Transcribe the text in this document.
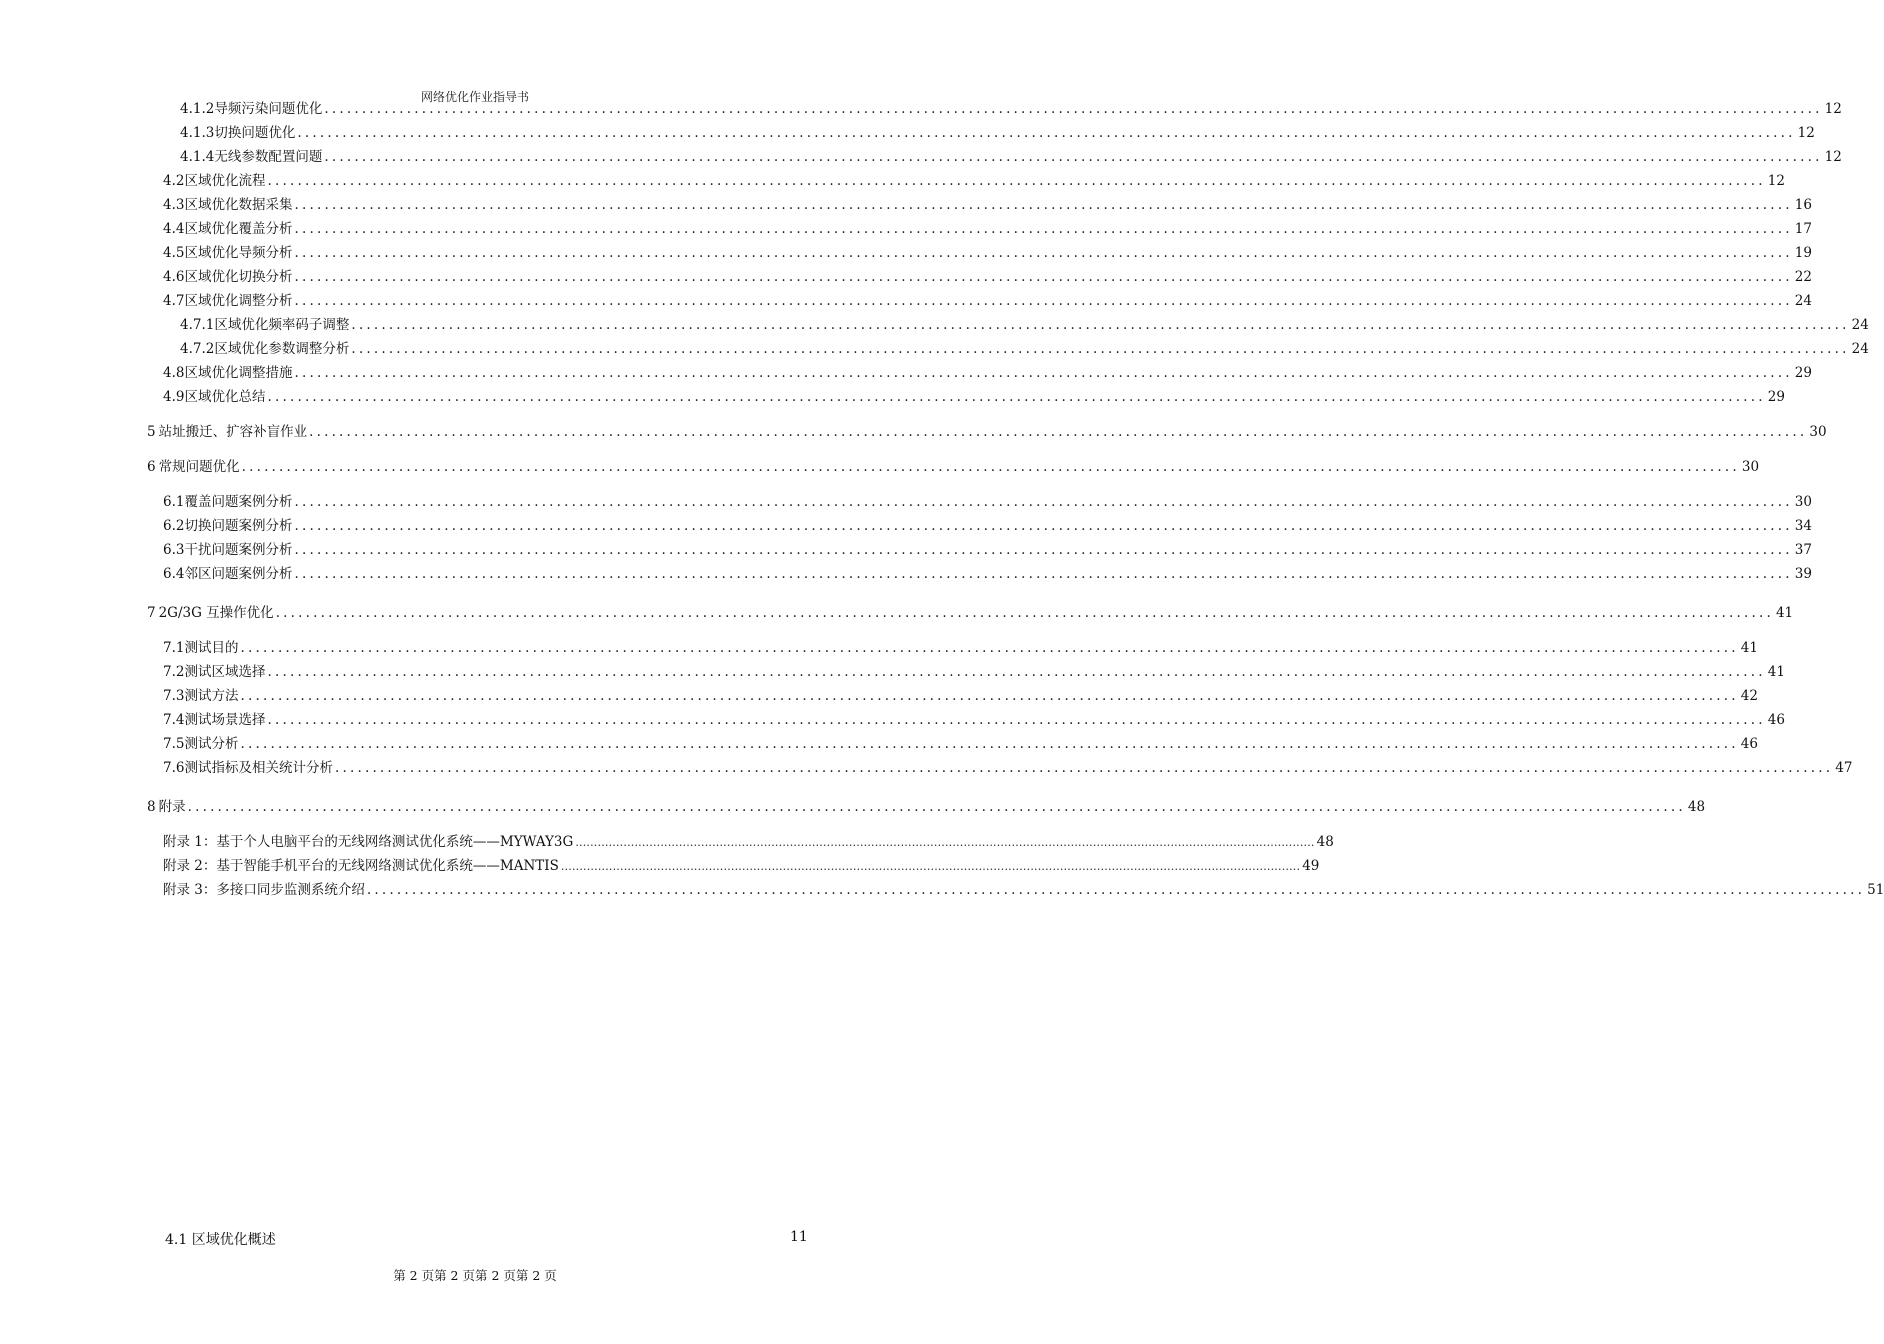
网络优化作业指导书
4.1.2 导频污染问题优化 ........................................................................................................................................................................................................ 12
4.1.3 切换问题优化 ........................................................................................................................................................................................................ 12
4.1.4 无线参数配置问题 ........................................................................................................................................................................................................ 12
4.2 区域优化流程 ........................................................................................................................................................................................................ 12
4.3 区域优化数据采集 ........................................................................................................................................................................................................ 16
4.4 区域优化覆盖分析 ........................................................................................................................................................................................................ 17
4.5 区域优化导频分析 ........................................................................................................................................................................................................ 19
4.6 区域优化切换分析 ........................................................................................................................................................................................................ 22
4.7 区域优化调整分析 ........................................................................................................................................................................................................ 24
4.7.1 区域优化频率码子调整 ........................................................................................................................................................................................................ 24
4.7.2 区域优化参数调整分析 ........................................................................................................................................................................................................ 24
4.8 区域优化调整措施 ........................................................................................................................................................................................................ 29
4.9 区域优化总结 ........................................................................................................................................................................................................ 29
5 站址搬迁、扩容补盲作业 ........................................................................................................................................................................................................ 30
6 常规问题优化 ........................................................................................................................................................................................................ 30
6.1 覆盖问题案例分析 ........................................................................................................................................................................................................ 30
6.2 切换问题案例分析 ........................................................................................................................................................................................................ 34
6.3 干扰问题案例分析 ........................................................................................................................................................................................................ 37
6.4 邻区问题案例分析 ........................................................................................................................................................................................................ 39
7 2G/3G 互操作优化 ........................................................................................................................................................................................................ 41
7.1 测试目的 ........................................................................................................................................................................................................ 41
7.2 测试区域选择 ........................................................................................................................................................................................................ 41
7.3 测试方法 ........................................................................................................................................................................................................ 42
7.4 测试场景选择 ........................................................................................................................................................................................................ 46
7.5 测试分析 ........................................................................................................................................................................................................ 46
7.6 测试指标及相关统计分析 ........................................................................................................................................................................................................ 47
8 附录 ........................................................................................................................................................................................................ 48
附录 1：基于个人电脑平台的无线网络测试优化系统——MYWAY3G ........................................................................................................................................................................................................ 48
附录 2：基于智能手机平台的无线网络测试优化系统——MANTIS ........................................................................................................................................................................................................ 49
附录 3：多接口同步监测系统介绍 ........................................................................................................................................................................................................ 51
4.1 区域优化概述	11
第 2 页第 2 页第 2 页第 2 页
